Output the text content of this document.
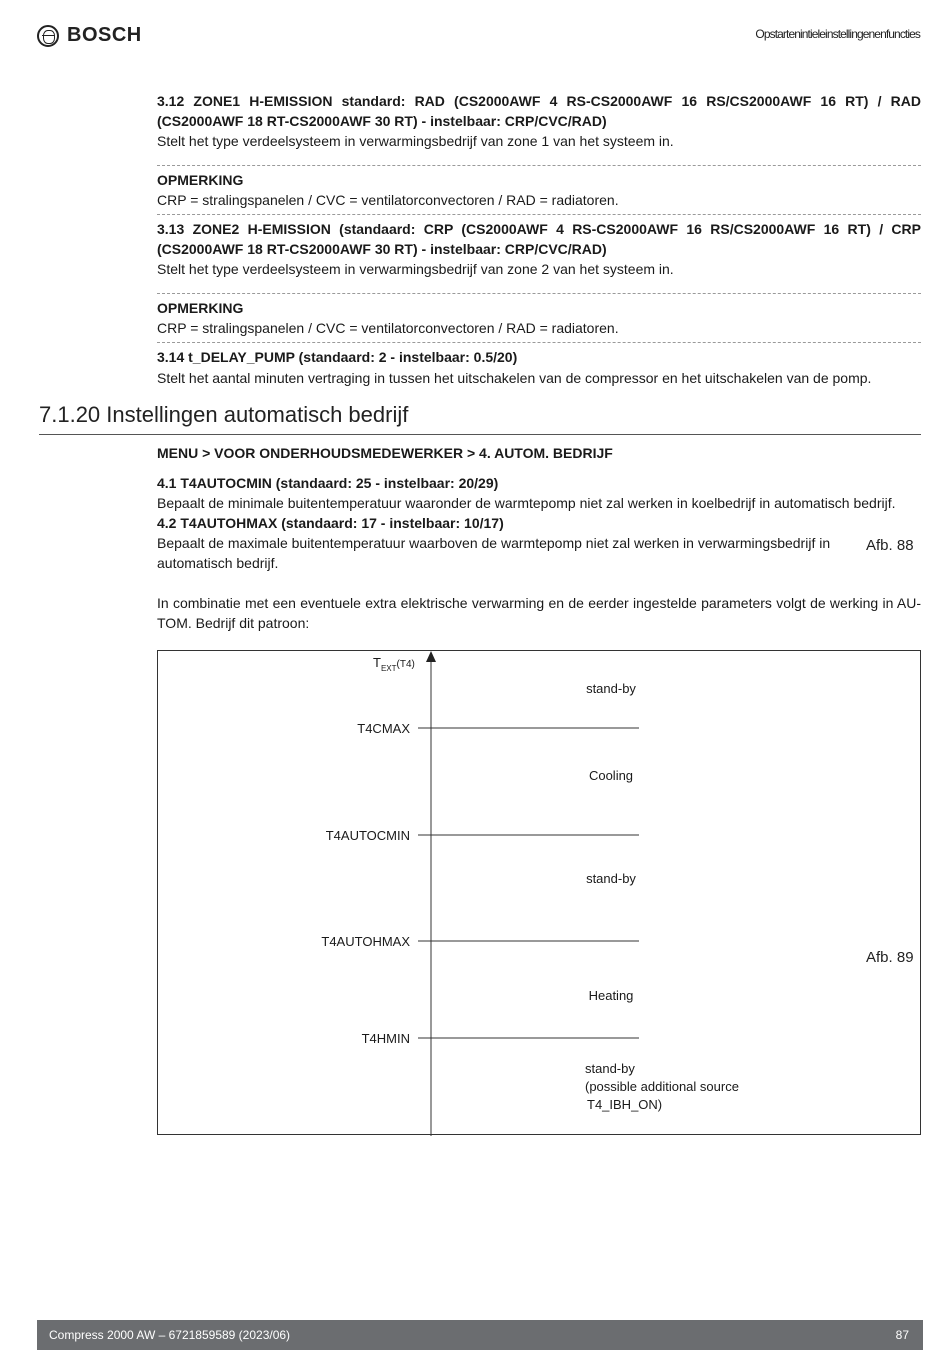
BOSCH	Opstartenintieleinstellingenenfuncties
3.12 ZONE1 H-EMISSION standard: RAD (CS2000AWF 4 RS-CS2000AWF 16 RS/CS2000AWF 16 RT) / RAD (CS2000AWF 18 RT-CS2000AWF 30 RT) - instelbaar: CRP/CVC/RAD)
Stelt het type verdeelsysteem in verwarmingsbedrijf van zone 1 van het systeem in.
OPMERKING
CRP = stralingspanelen / CVC = ventilatorconvectoren / RAD = radiatoren.
3.13 ZONE2 H-EMISSION (standaard: CRP (CS2000AWF 4 RS-CS2000AWF 16 RS/CS2000AWF 16 RT) / CRP (CS2000AWF 18 RT-CS2000AWF 30 RT) - instelbaar: CRP/CVC/RAD)
Stelt het type verdeelsysteem in verwarmingsbedrijf van zone 2 van het systeem in.
OPMERKING
CRP = stralingspanelen / CVC = ventilatorconvectoren / RAD = radiatoren.
3.14 t_DELAY_PUMP (standaard: 2 - instelbaar: 0.5/20)
Stelt het aantal minuten vertraging in tussen het uitschakelen van de compressor en het uitschakelen van de pomp.
7.1.20 Instellingen automatisch bedrijf
MENU > VOOR ONDERHOUDSMEDEWERKER > 4. AUTOM. BEDRIJF
4.1 T4AUTOCMIN (standaard: 25 - instelbaar: 20/29)
Bepaalt de minimale buitentemperatuur waaronder de warmtepomp niet zal werken in koelbedrijf in automatisch bedrijf.
4.2 T4AUTOHMAX (standaard: 17 - instelbaar: 10/17)
Bepaalt de maximale buitentemperatuur waarboven de warmtepomp niet zal werken in verwarmingsbedrijf in automatisch bedrijf.
Afb. 88
In combinatie met een eventuele extra elektrische verwarming en de eerder ingestelde parameters volgt de werking in AU-TOM. Bedrijf dit patroon:
$T_{EXT}^{(T4)}$
T4CMAX
T4AUTOCMIN
T4AUTOHMAX
T4HMIN
stand-by
Cooling
stand-by
Heating
stand-by
(possible additional source
T4_IBH_ON)
Afb. 89
Compress 2000 AW – 6721859589 (2023/06)	87
